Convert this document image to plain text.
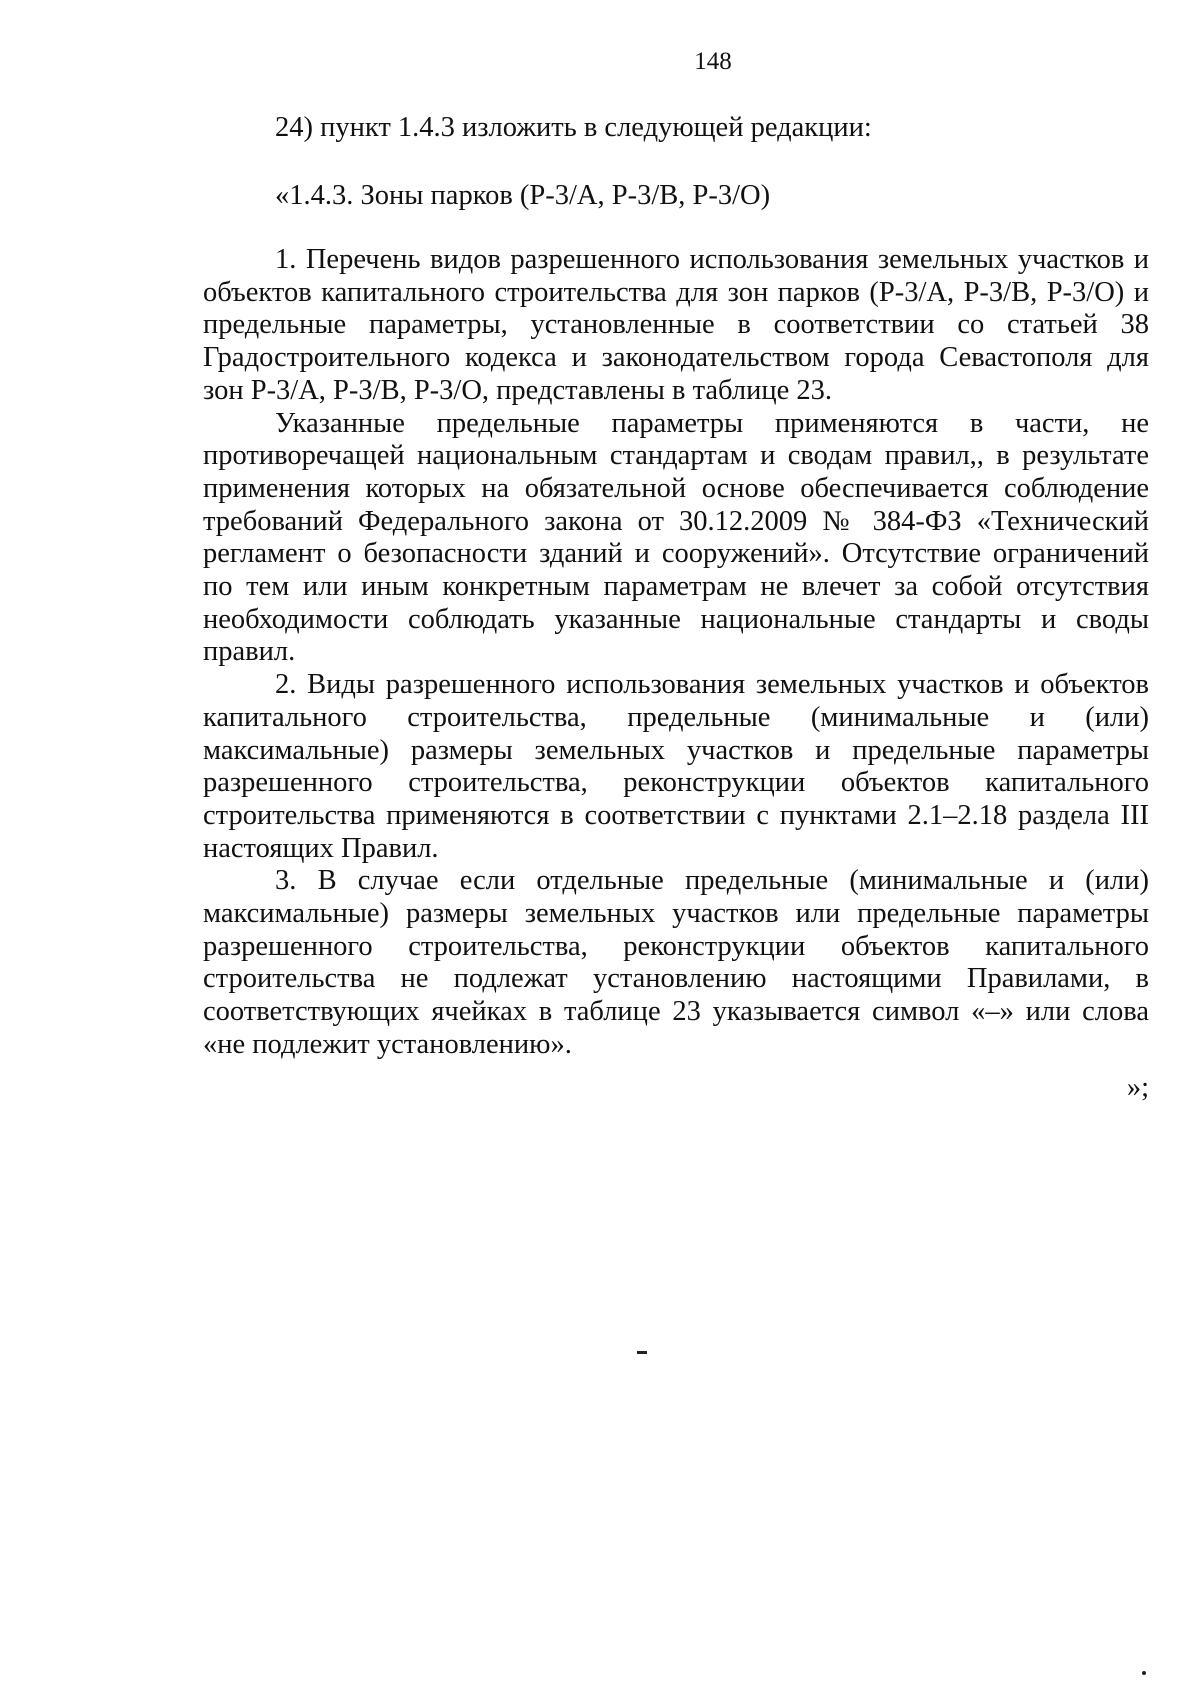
148
24) пункт 1.4.3 изложить в следующей редакции:
«1.4.3. Зоны парков (Р-3/А, Р-3/В, Р-3/О)

1. Перечень видов разрешенного использования земельных участков и объектов капитального строительства для зон парков (Р-3/А, Р-3/В, Р-3/О) и предельные параметры, установленные в соответствии со статьей 38 Градостроительного кодекса и законодательством города Севастополя для зон Р-3/А, Р-3/В, Р-3/О, представлены в таблице 23.

Указанные предельные параметры применяются в части, не противоречащей национальным стандартам и сводам правил,, в результате применения которых на обязательной основе обеспечивается соблюдение требований Федерального закона от 30.12.2009 № 384-ФЗ «Технический регламент о безопасности зданий и сооружений». Отсутствие ограничений по тем или иным конкретным параметрам не влечет за собой отсутствия необходимости соблюдать указанные национальные стандарты и своды правил.

2. Виды разрешенного использования земельных участков и объектов капитального строительства, предельные (минимальные и (или) максимальные) размеры земельных участков и предельные параметры разрешенного строительства, реконструкции объектов капитального строительства применяются в соответствии с пунктами 2.1–2.18 раздела III настоящих Правил.

3. В случае если отдельные предельные (минимальные и (или) максимальные) размеры земельных участков или предельные параметры разрешенного строительства, реконструкции объектов капитального строительства не подлежат установлению настоящими Правилами, в соответствующих ячейках в таблице 23 указывается символ «–» или слова «не подлежит установлению».

»;
